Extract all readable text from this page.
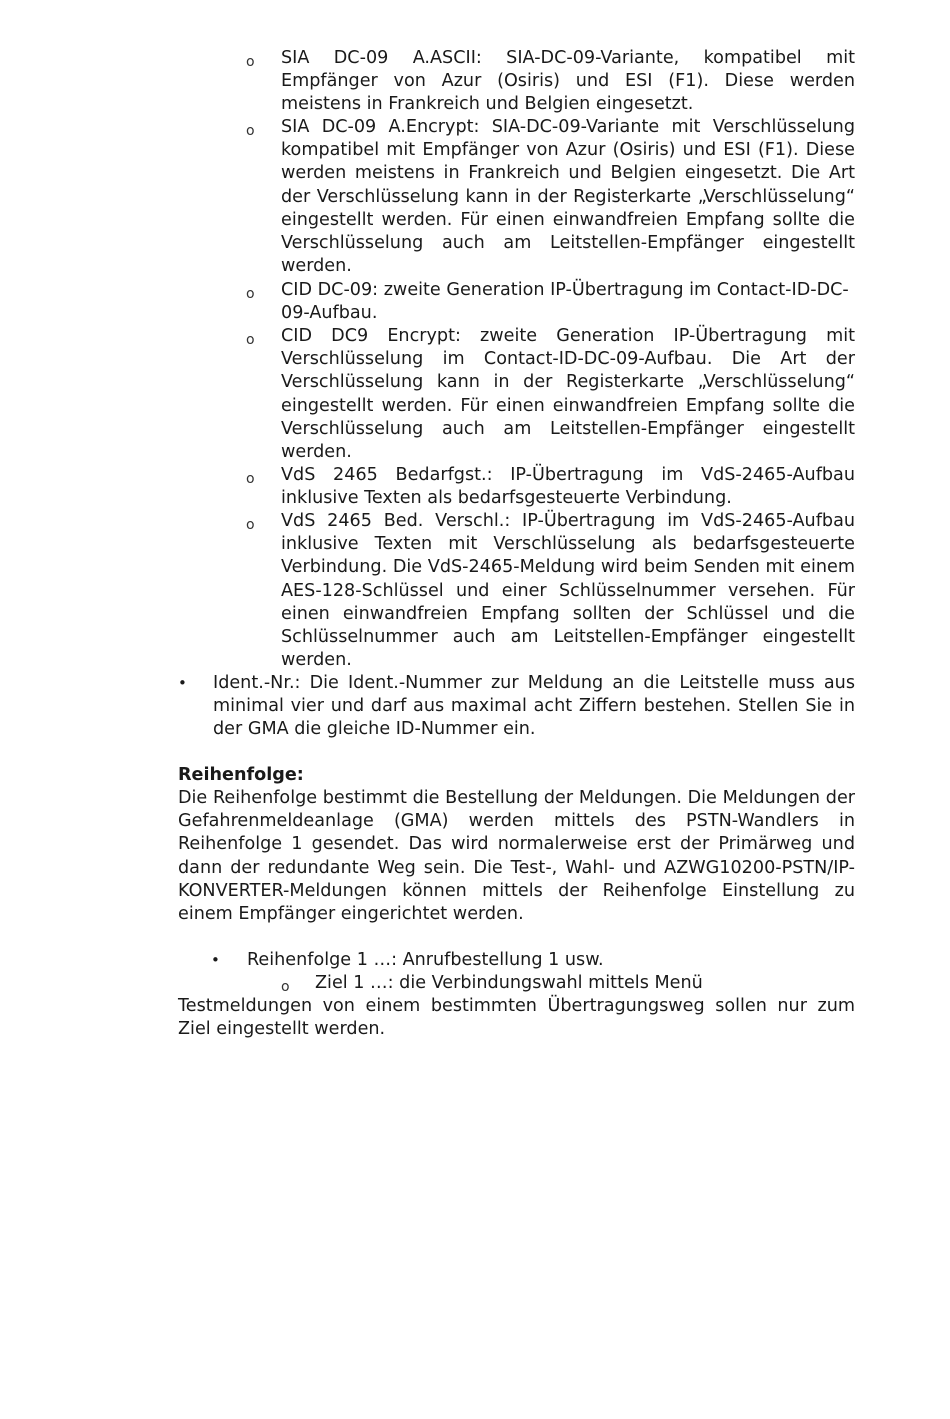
o SIA DC-09 A.ASCII: SIA-DC-09-Variante, kompatibel mit Empfänger von Azur (Osiris) und ESI (F1). Diese werden meistens in Frankreich und Belgien eingesetzt.

o SIA DC-09 A.Encrypt: SIA-DC-09-Variante mit Verschlüsselung kompatibel mit Empfänger von Azur (Osiris) und ESI (F1). Diese werden meistens in Frankreich und Belgien eingesetzt. Die Art der Verschlüsselung kann in der Registerkarte „Verschlüsselung“ eingestellt werden. Für einen einwandfreien Empfang sollte die Verschlüsselung auch am Leitstellen-Empfänger eingestellt werden.

o CID DC-09: zweite Generation IP-Übertragung im Contact-ID-DC-09-Aufbau.

o CID DC9 Encrypt: zweite Generation IP-Übertragung mit Verschlüsselung im Contact-ID-DC-09-Aufbau. Die Art der Verschlüsselung kann in der Registerkarte „Verschlüsselung“ eingestellt werden. Für einen einwandfreien Empfang sollte die Verschlüsselung auch am Leitstellen-Empfänger eingestellt werden.

o VdS 2465 Bedarfgst.: IP-Übertragung im VdS-2465-Aufbau inklusive Texten als bedarfsgesteuerte Verbindung.

o VdS 2465 Bed. Verschl.: IP-Übertragung im VdS-2465-Aufbau inklusive Texten mit Verschlüsselung als bedarfsgesteuerte Verbindung. Die VdS-2465-Meldung wird beim Senden mit einem AES-128-Schlüssel und einer Schlüsselnummer versehen. Für einen einwandfreien Empfang sollten der Schlüssel und die Schlüsselnummer auch am Leitstellen-Empfänger eingestellt werden.

• Ident.-Nr.: Die Ident.-Nummer zur Meldung an die Leitstelle muss aus minimal vier und darf aus maximal acht Ziffern bestehen. Stellen Sie in der GMA die gleiche ID-Nummer ein.

Reihenfolge:

Die Reihenfolge bestimmt die Bestellung der Meldungen. Die Meldungen der Gefahrenmeldeanlage (GMA) werden mittels des PSTN-Wandlers in Reihenfolge 1 gesendet. Das wird normalerweise erst der Primärweg und dann der redundante Weg sein. Die Test-, Wahl- und AZWG10200-PSTN/IP-KONVERTER-Meldungen können mittels der Reihenfolge Einstellung zu einem Empfänger eingerichtet werden.

• Reihenfolge 1 …: Anrufbestellung 1 usw.

o Ziel 1 …: die Verbindungswahl mittels Menü

Testmeldungen von einem bestimmten Übertragungsweg sollen nur zum Ziel eingestellt werden.
